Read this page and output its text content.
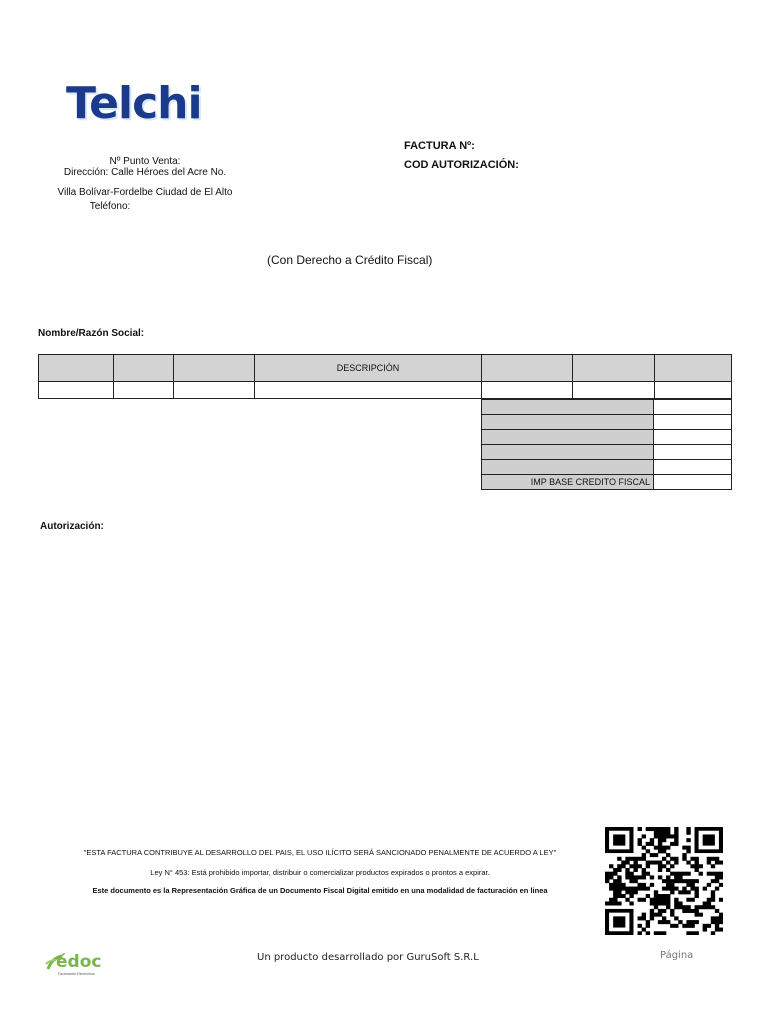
Telchi
Nº Punto Venta:
Dirección: Calle Héroes del Acre No.
Villa Bolívar-Fordelbe Ciudad de El Alto
Teléfono:
FACTURA Nº:
COD AUTORIZACIÓN:
(Con Derecho a Crédito Fiscal)
Nombre/Razón Social:
			DESCRIPCIÓN			

IMP BASE CREDITO FISCAL	
Autorización:
"ESTA FACTURA CONTRIBUYE AL DESARROLLO DEL PAIS, EL USO ILÍCITO SERÁ SANCIONADO PENALMENTE DE ACUERDO A LEY"
Ley N° 453: Está prohibido importar, distribuir o comercializar productos expirados o prontos a expirar.
Este documento es la Representación Gráfica de un Documento Fiscal Digital emitido en una modalidad de facturación en linea
édoc
Facturación Electrónica
Un producto desarrollado por GuruSoft S.R.L	Página
